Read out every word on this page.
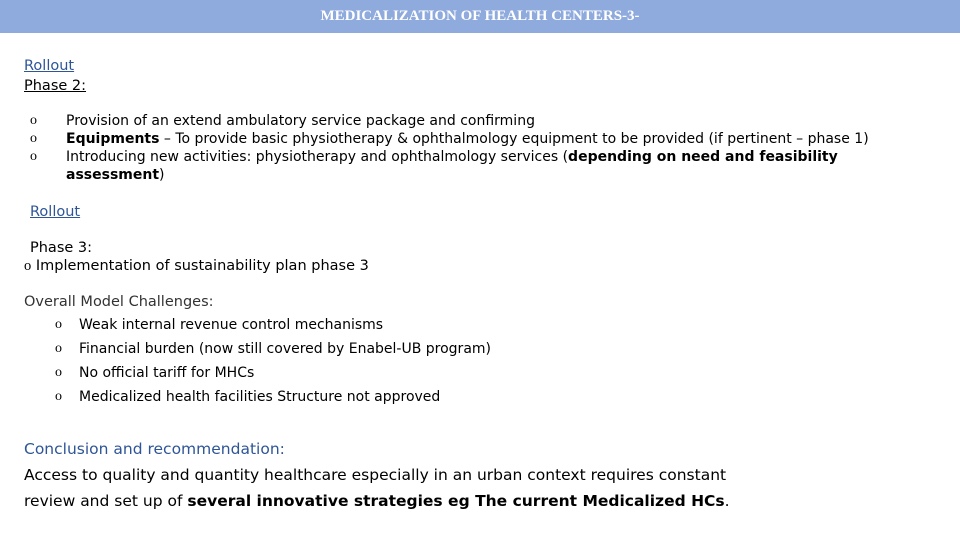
MEDICALIZATION OF HEALTH CENTERS-3-
Rollout
Phase 2:
o Provision of an extend ambulatory service package and confirming
o Equipments – To provide basic physiotherapy & ophthalmology equipment to be provided (if pertinent – phase 1)
o Introducing new activities: physiotherapy and ophthalmology services (depending on need and feasibility
assessment)
Rollout
Phase 3:
o Implementation of sustainability plan phase 3
Overall Model Challenges:
o Weak internal revenue control mechanisms
o Financial burden (now still covered by Enabel-UB program)
o No official tariff for MHCs
o Medicalized health facilities Structure not approved
Conclusion and recommendation:
Access to quality and quantity healthcare especially in an urban context requires constant
review and set up of several innovative strategies eg The current Medicalized HCs.
